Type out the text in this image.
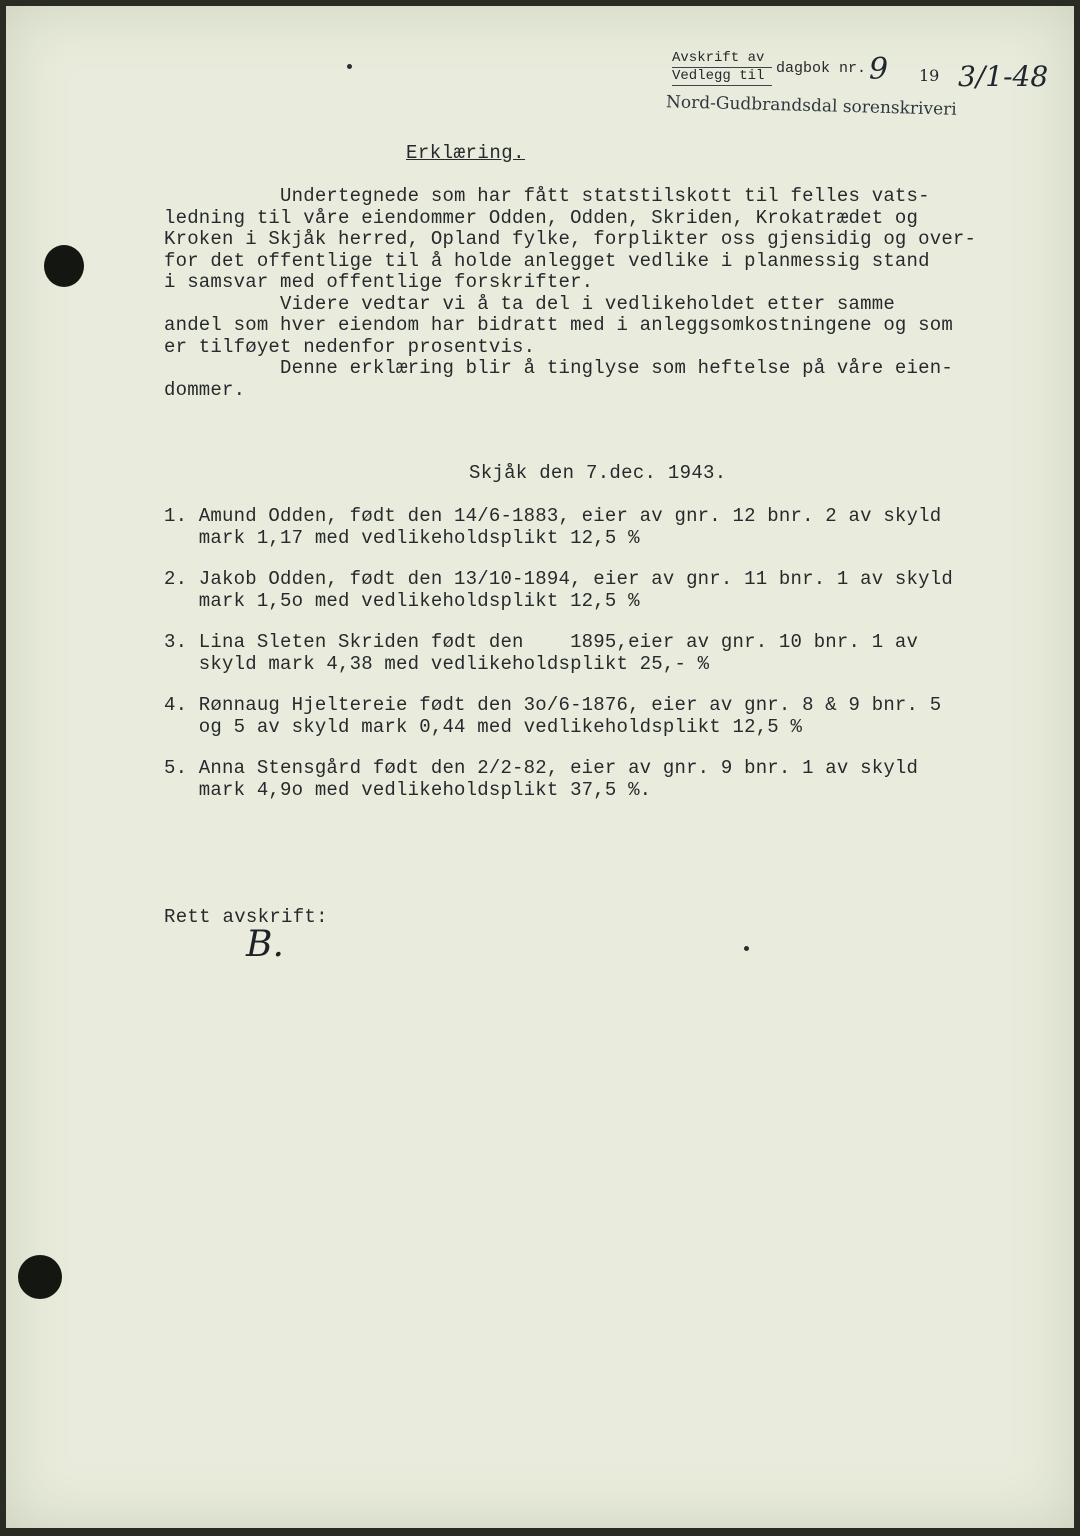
Avskrift av
Vedlegg til dagbok nr. 9 19 3/1-48
Nord-Gudbrandsdal sorenskriveri
Erklæring.
Undertegnede som har fått statstilskott til felles vats-
ledning til våre eiendommer Odden, Odden, Skriden, Krokatrædet og
Kroken i Skjåk herred, Opland fylke, forplikter oss gjensidig og over-
for det offentlige til å holde anlegget vedlike i planmessig stand
i samsvar med offentlige forskrifter.
Videre vedtar vi å ta del i vedlikeholdet etter samme
andel som hver eiendom har bidratt med i anleggsomkostningene og som
er tilføyet nedenfor prosentvis.
Denne erklæring blir å tinglyse som heftelse på våre eien-
dommer.
Skjåk den 7.dec. 1943.
1. Amund Odden, født den 14/6-1883, eier av gnr. 12 bnr. 2 av skyld
mark 1,17 med vedlikeholdsplikt 12,5 %
2. Jakob Odden, født den 13/10-1894, eier av gnr. 11 bnr. 1 av skyld
mark 1,5o med vedlikeholdsplikt 12,5 %
3. Lina Sleten Skriden født den    1895,eier av gnr. 10 bnr. 1 av
skyld mark 4,38 med vedlikeholdsplikt 25,- %
4. Rønnaug Hjeltereie født den 3o/6-1876, eier av gnr. 8 & 9 bnr. 5
og 5 av skyld mark 0,44 med vedlikeholdsplikt 12,5 %
5. Anna Stensgård født den 2/2-82, eier av gnr. 9 bnr. 1 av skyld
mark 4,9o med vedlikeholdsplikt 37,5 %.
Rett avskrift:
B.
